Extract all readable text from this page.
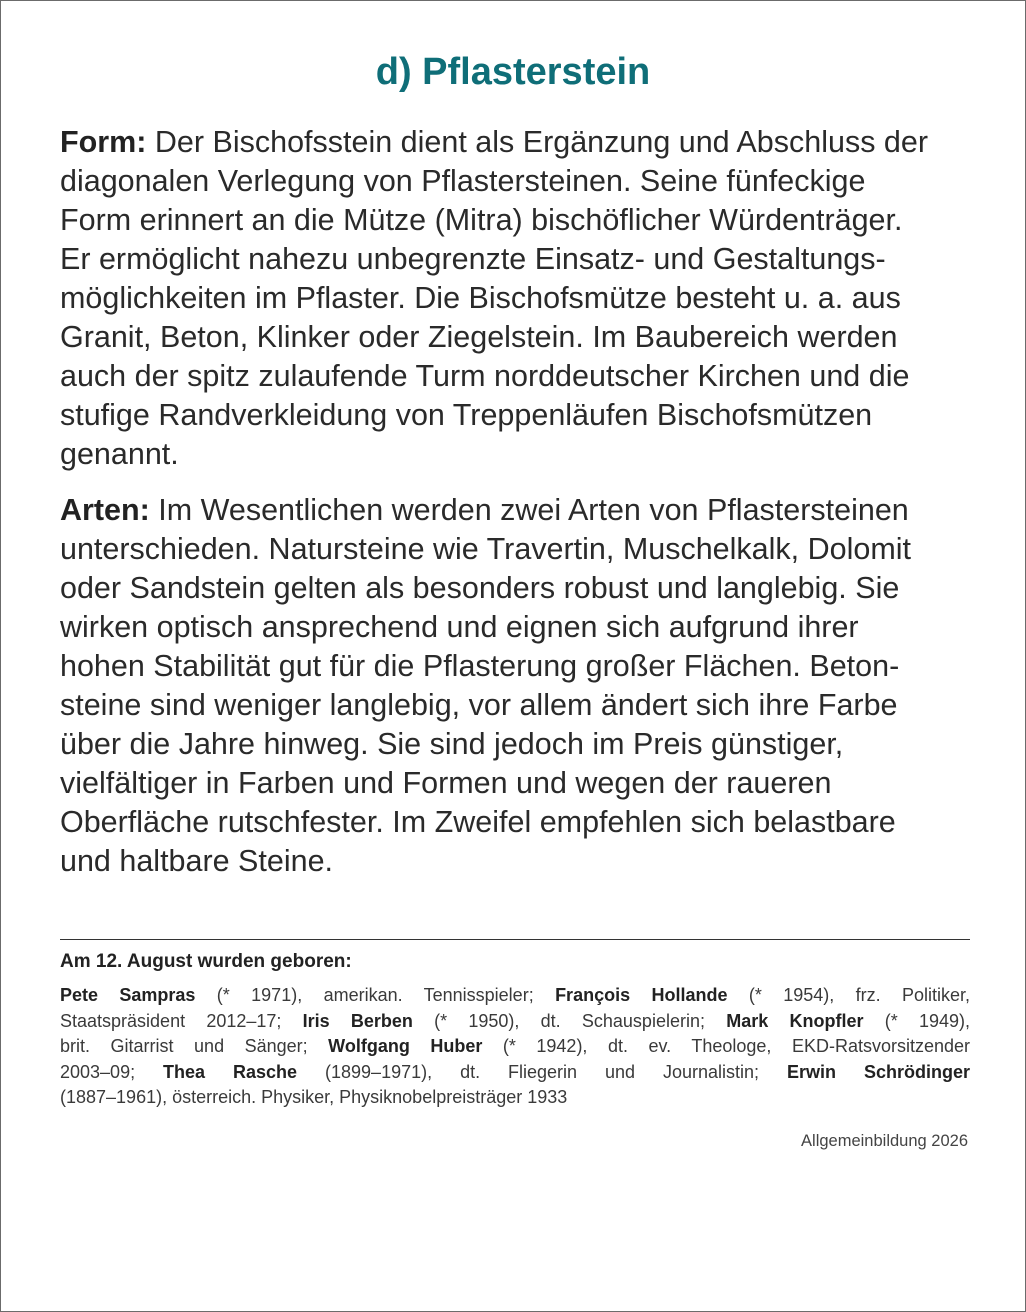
d) Pflasterstein

Form: Der Bischofsstein dient als Ergänzung und Abschluss der
diagonalen Verlegung von Pflastersteinen. Seine fünfeckige
Form erinnert an die Mütze (Mitra) bischöflicher Würdenträger.
Er ermöglicht nahezu unbegrenzte Einsatz- und Gestaltungs-
möglichkeiten im Pflaster. Die Bischofsmütze besteht u. a. aus
Granit, Beton, Klinker oder Ziegelstein. Im Baubereich werden
auch der spitz zulaufende Turm norddeutscher Kirchen und die
stufige Randverkleidung von Treppenläufen Bischofsmützen
genannt.

Arten: Im Wesentlichen werden zwei Arten von Pflastersteinen
unterschieden. Natursteine wie Travertin, Muschelkalk, Dolomit
oder Sandstein gelten als besonders robust und langlebig. Sie
wirken optisch ansprechend und eignen sich aufgrund ihrer
hohen Stabilität gut für die Pflasterung großer Flächen. Beton-
steine sind weniger langlebig, vor allem ändert sich ihre Farbe
über die Jahre hinweg. Sie sind jedoch im Preis günstiger,
vielfältiger in Farben und Formen und wegen der raueren
Oberfläche rutschfester. Im Zweifel empfehlen sich belastbare
und haltbare Steine.

Am 12. August wurden geboren:

Pete Sampras (* 1971), amerikan. Tennisspieler; François Hollande (* 1954), frz. Politiker,
Staatspräsident 2012–17; Iris Berben (* 1950), dt. Schauspielerin; Mark Knopfler (* 1949),
brit. Gitarrist und Sänger; Wolfgang Huber (* 1942), dt. ev. Theologe, EKD-Ratsvorsitzender
2003–09; Thea Rasche (1899–1971), dt. Fliegerin und Journalistin; Erwin Schrödinger
(1887–1961), österreich. Physiker, Physiknobelpreisträger 1933

Allgemeinbildung 2026
